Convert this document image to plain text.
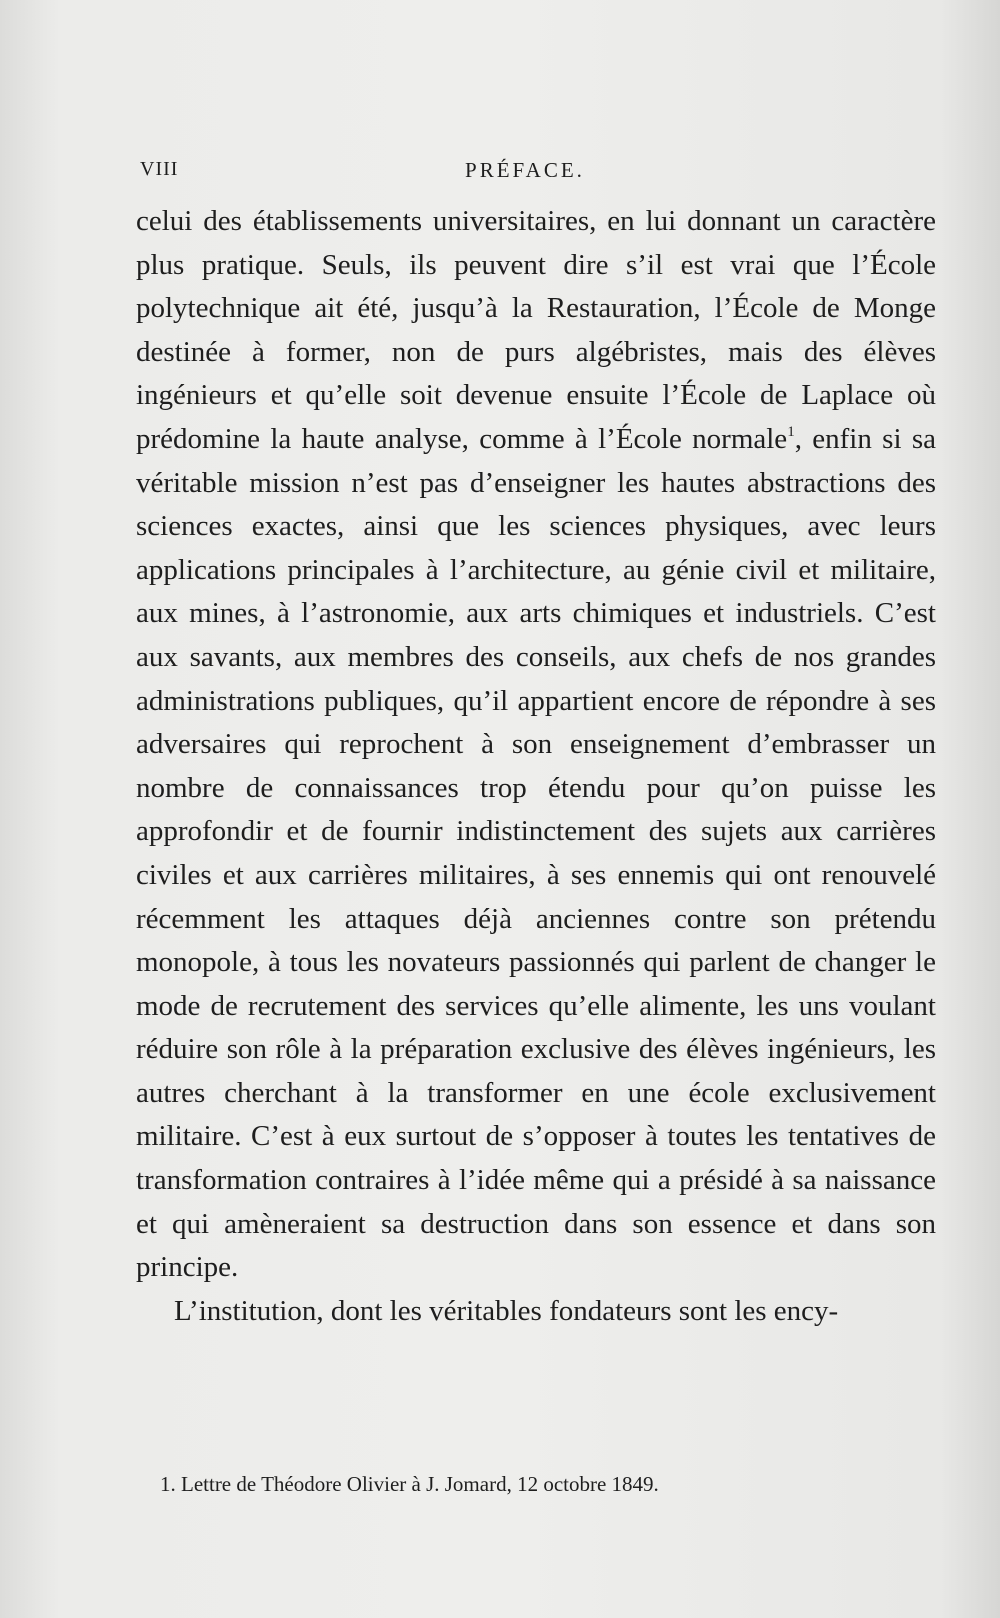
VIII	PRÉFACE.

celui des établissements universitaires, en lui donnant un caractère plus pratique. Seuls, ils peuvent dire s’il est vrai que l’École polytechnique ait été, jusqu’à la Restauration, l’École de Monge destinée à former, non de purs algébristes, mais des élèves ingénieurs et qu’elle soit devenue ensuite l’École de Laplace où prédomine la haute analyse, comme à l’École normale$^1$, enfin si sa véritable mission n’est pas d’enseigner les hautes abstractions des sciences exactes, ainsi que les sciences physiques, avec leurs applications principales à l’architecture, au génie civil et militaire, aux mines, à l’astronomie, aux arts chimiques et industriels. C’est aux savants, aux membres des conseils, aux chefs de nos grandes administrations publiques, qu’il appartient encore de répondre à ses adversaires qui reprochent à son enseignement d’embrasser un nombre de connaissances trop étendu pour qu’on puisse les approfondir et de fournir indistinctement des sujets aux carrières civiles et aux carrières militaires, à ses ennemis qui ont renouvelé récemment les attaques déjà anciennes contre son prétendu monopole, à tous les novateurs passionnés qui parlent de changer le mode de recrutement des services qu’elle alimente, les uns voulant réduire son rôle à la préparation exclusive des élèves ingénieurs, les autres cherchant à la transformer en une école exclusivement militaire. C’est à eux surtout de s’opposer à toutes les tentatives de transformation contraires à l’idée même qui a présidé à sa naissance et qui amèneraient sa destruction dans son essence et dans son principe.

L’institution, dont les véritables fondateurs sont les ency-

1. Lettre de Théodore Olivier à J. Jomard, 12 octobre 1849.
